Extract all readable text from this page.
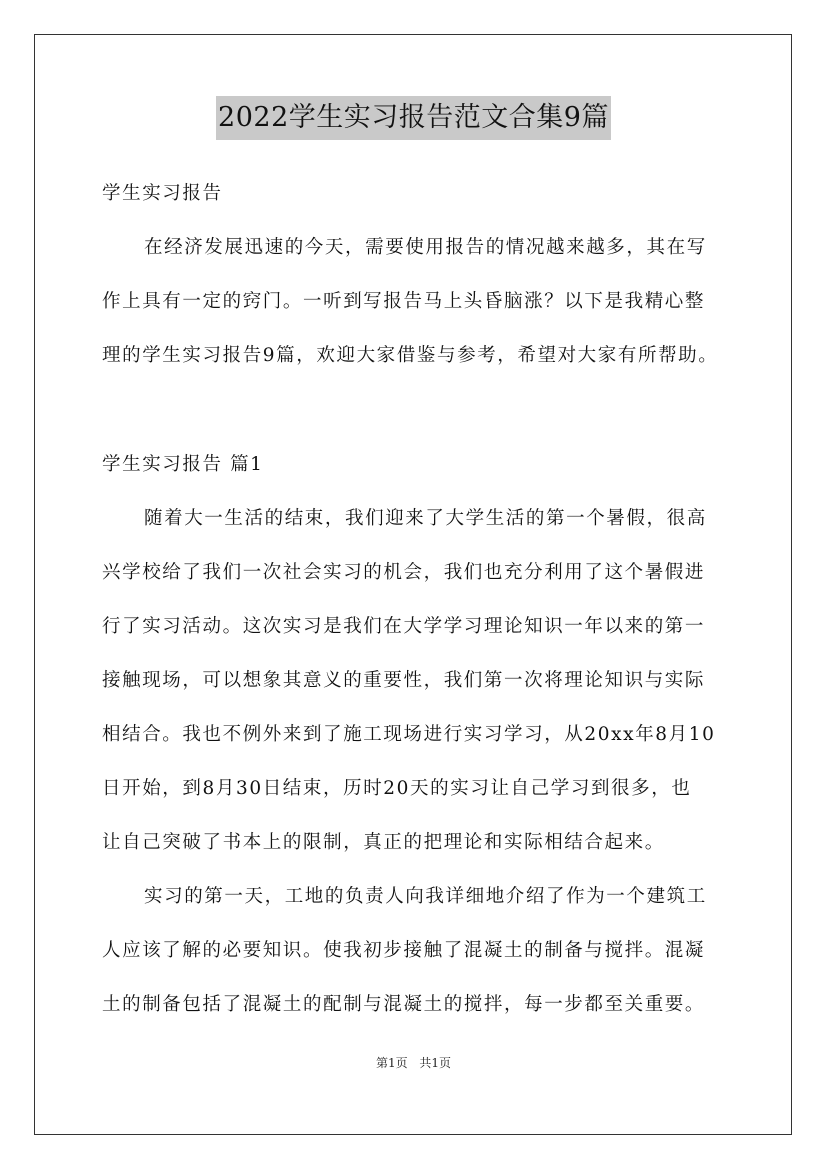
2022学生实习报告范文合集9篇
学生实习报告
在经济发展迅速的今天，需要使用报告的情况越来越多，其在写
作上具有一定的窍门。一听到写报告马上头昏脑涨？以下是我精心整
理的学生实习报告9篇，欢迎大家借鉴与参考，希望对大家有所帮助。
学生实习报告 篇1
随着大一生活的结束，我们迎来了大学生活的第一个暑假，很高
兴学校给了我们一次社会实习的机会，我们也充分利用了这个暑假进
行了实习活动。这次实习是我们在大学学习理论知识一年以来的第一
接触现场，可以想象其意义的重要性，我们第一次将理论知识与实际
相结合。我也不例外来到了施工现场进行实习学习，从20xx年8月10
日开始，到8月30日结束，历时20天的实习让自己学习到很多，也
让自己突破了书本上的限制，真正的把理论和实际相结合起来。
实习的第一天，工地的负责人向我详细地介绍了作为一个建筑工
人应该了解的必要知识。使我初步接触了混凝土的制备与搅拌。混凝
土的制备包括了混凝土的配制与混凝土的搅拌，每一步都至关重要。
第1页 共1页
